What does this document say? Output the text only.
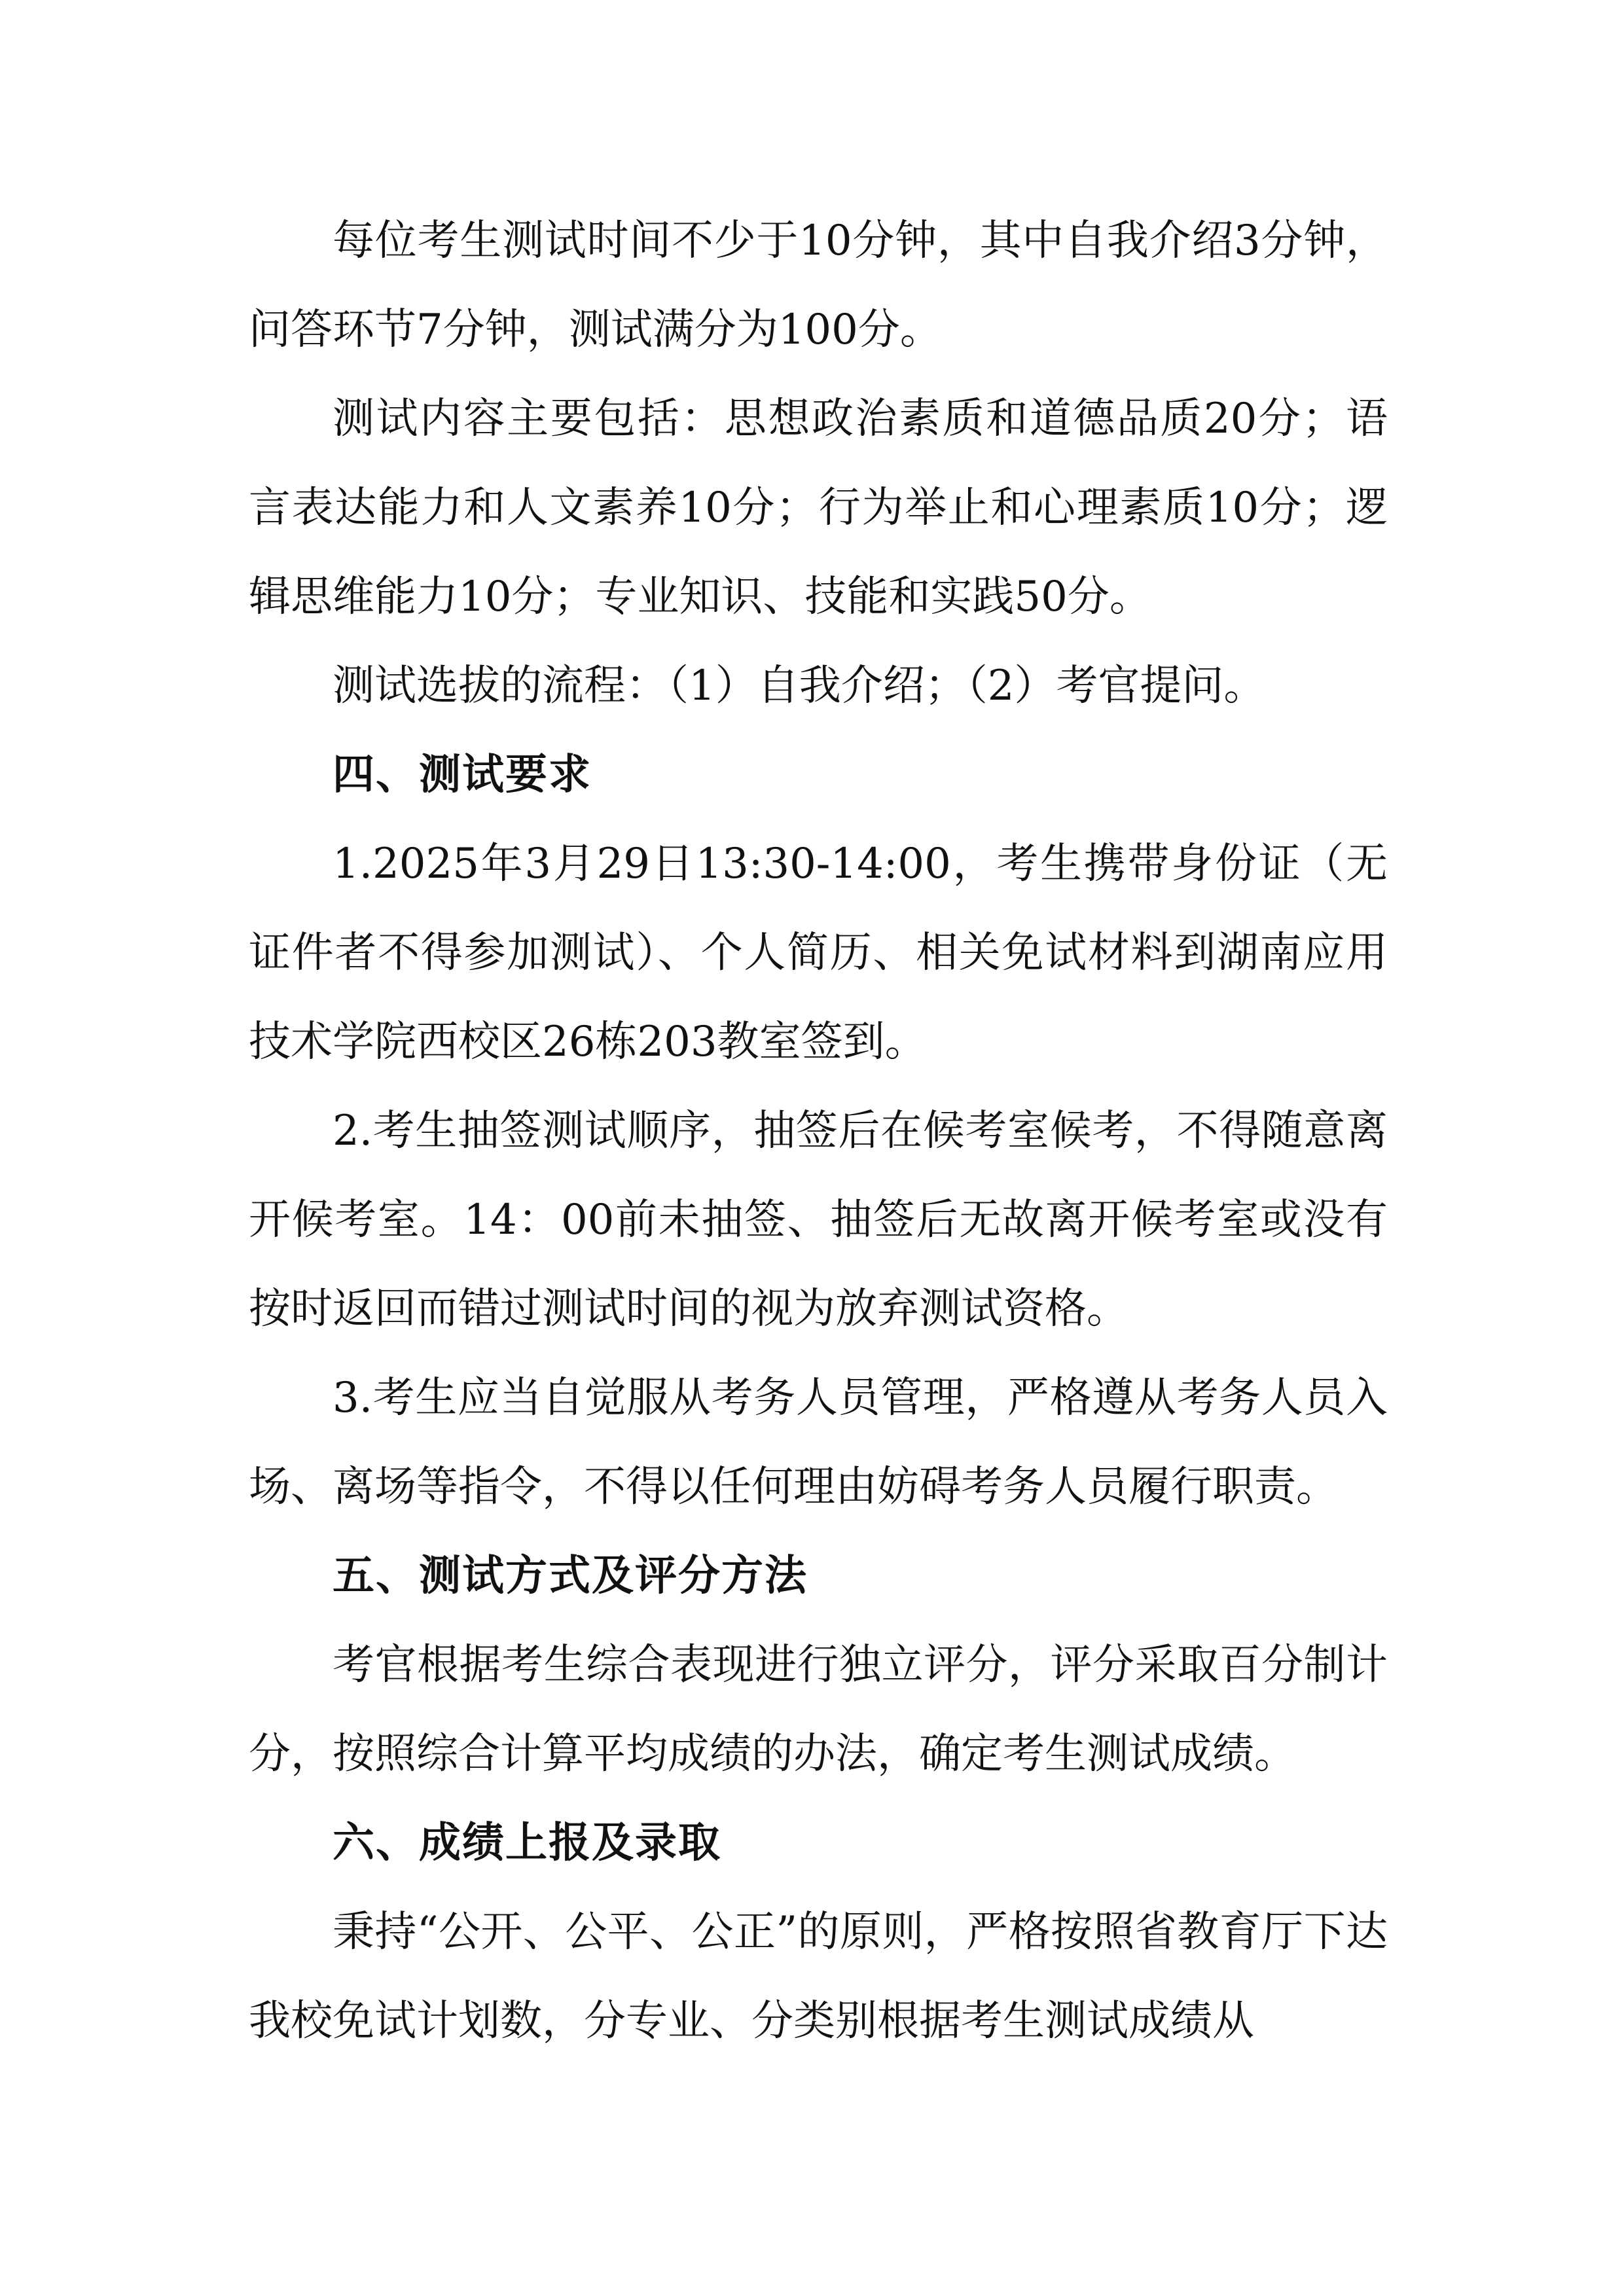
每位考生测试时间不少于10分钟，其中自我介绍3分钟，问答环节7分钟，测试满分为100分。

测试内容主要包括：思想政治素质和道德品质20分；语言表达能力和人文素养10分；行为举止和心理素质10分；逻辑思维能力10分；专业知识、技能和实践50分。

测试选拔的流程：（1）自我介绍；（2）考官提问。

四、测试要求

1.2025年3月29日13:30-14:00，考生携带身份证（无证件者不得参加测试）、个人简历、相关免试材料到湖南应用技术学院西校区26栋203教室签到。

2.考生抽签测试顺序，抽签后在候考室候考，不得随意离开候考室。14：00前未抽签、抽签后无故离开候考室或没有按时返回而错过测试时间的视为放弃测试资格。

3.考生应当自觉服从考务人员管理，严格遵从考务人员入场、离场等指令，不得以任何理由妨碍考务人员履行职责。

五、测试方式及评分方法

考官根据考生综合表现进行独立评分，评分采取百分制计分，按照综合计算平均成绩的办法，确定考生测试成绩。

六、成绩上报及录取

秉持“公开、公平、公正”的原则，严格按照省教育厅下达我校免试计划数，分专业、分类别根据考生测试成绩从
